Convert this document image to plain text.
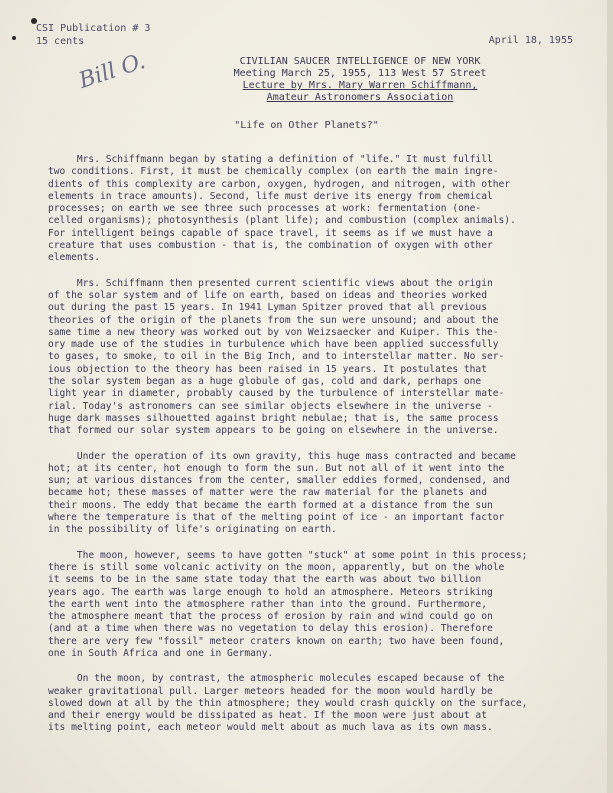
CSI Publication # 3
15 cents	April 18, 1955
Bill O.	CIVILIAN SAUCER INTELLIGENCE OF NEW YORK
Meeting March 25, 1955, 113 West 57 Street
Lecture by Mrs. Mary Warren Schiffmann,
Amateur Astronomers Association
"Life on Other Planets?"
Mrs. Schiffmann began by stating a definition of "life." It must fulfill
two conditions. First, it must be chemically complex (on earth the main ingre-
dients of this complexity are carbon, oxygen, hydrogen, and nitrogen, with other
elements in trace amounts). Second, life must derive its energy from chemical
processes; on earth we see three such processes at work: fermentation (one-
celled organisms); photosynthesis (plant life); and combustion (complex animals).
For intelligent beings capable of space travel, it seems as if we must have a
creature that uses combustion - that is, the combination of oxygen with other
elements.
Mrs. Schiffmann then presented current scientific views about the origin
of the solar system and of life on earth, based on ideas and theories worked
out during the past 15 years. In 1941 Lyman Spitzer proved that all previous
theories of the origin of the planets from the sun were unsound; and about the
same time a new theory was worked out by von Weizsaecker and Kuiper. This the-
ory made use of the studies in turbulence which have been applied successfully
to gases, to smoke, to oil in the Big Inch, and to interstellar matter. No ser-
ious objection to the theory has been raised in 15 years. It postulates that
the solar system began as a huge globule of gas, cold and dark, perhaps one
light year in diameter, probably caused by the turbulence of interstellar mate-
rial. Today's astronomers can see similar objects elsewhere in the universe -
huge dark masses silhouetted against bright nebulae; that is, the same process
that formed our solar system appears to be going on elsewhere in the universe.
Under the operation of its own gravity, this huge mass contracted and became
hot; at its center, hot enough to form the sun. But not all of it went into the
sun; at various distances from the center, smaller eddies formed, condensed, and
became hot; these masses of matter were the raw material for the planets and
their moons. The eddy that became the earth formed at a distance from the sun
where the temperature is that of the melting point of ice - an important factor
in the possibility of life's originating on earth.
The moon, however, seems to have gotten "stuck" at some point in this process;
there is still some volcanic activity on the moon, apparently, but on the whole
it seems to be in the same state today that the earth was about two billion
years ago. The earth was large enough to hold an atmosphere. Meteors striking
the earth went into the atmosphere rather than into the ground. Furthermore,
the atmosphere meant that the process of erosion by rain and wind could go on
(and at a time when there was no vegetation to delay this erosion). Therefore
there are very few "fossil" meteor craters known on earth; two have been found,
one in South Africa and one in Germany.
On the moon, by contrast, the atmospheric molecules escaped because of the
weaker gravitational pull. Larger meteors headed for the moon would hardly be
slowed down at all by the thin atmosphere; they would crash quickly on the surface,
and their energy would be dissipated as heat. If the moon were just about at
its melting point, each meteor would melt about as much lava as its own mass.
